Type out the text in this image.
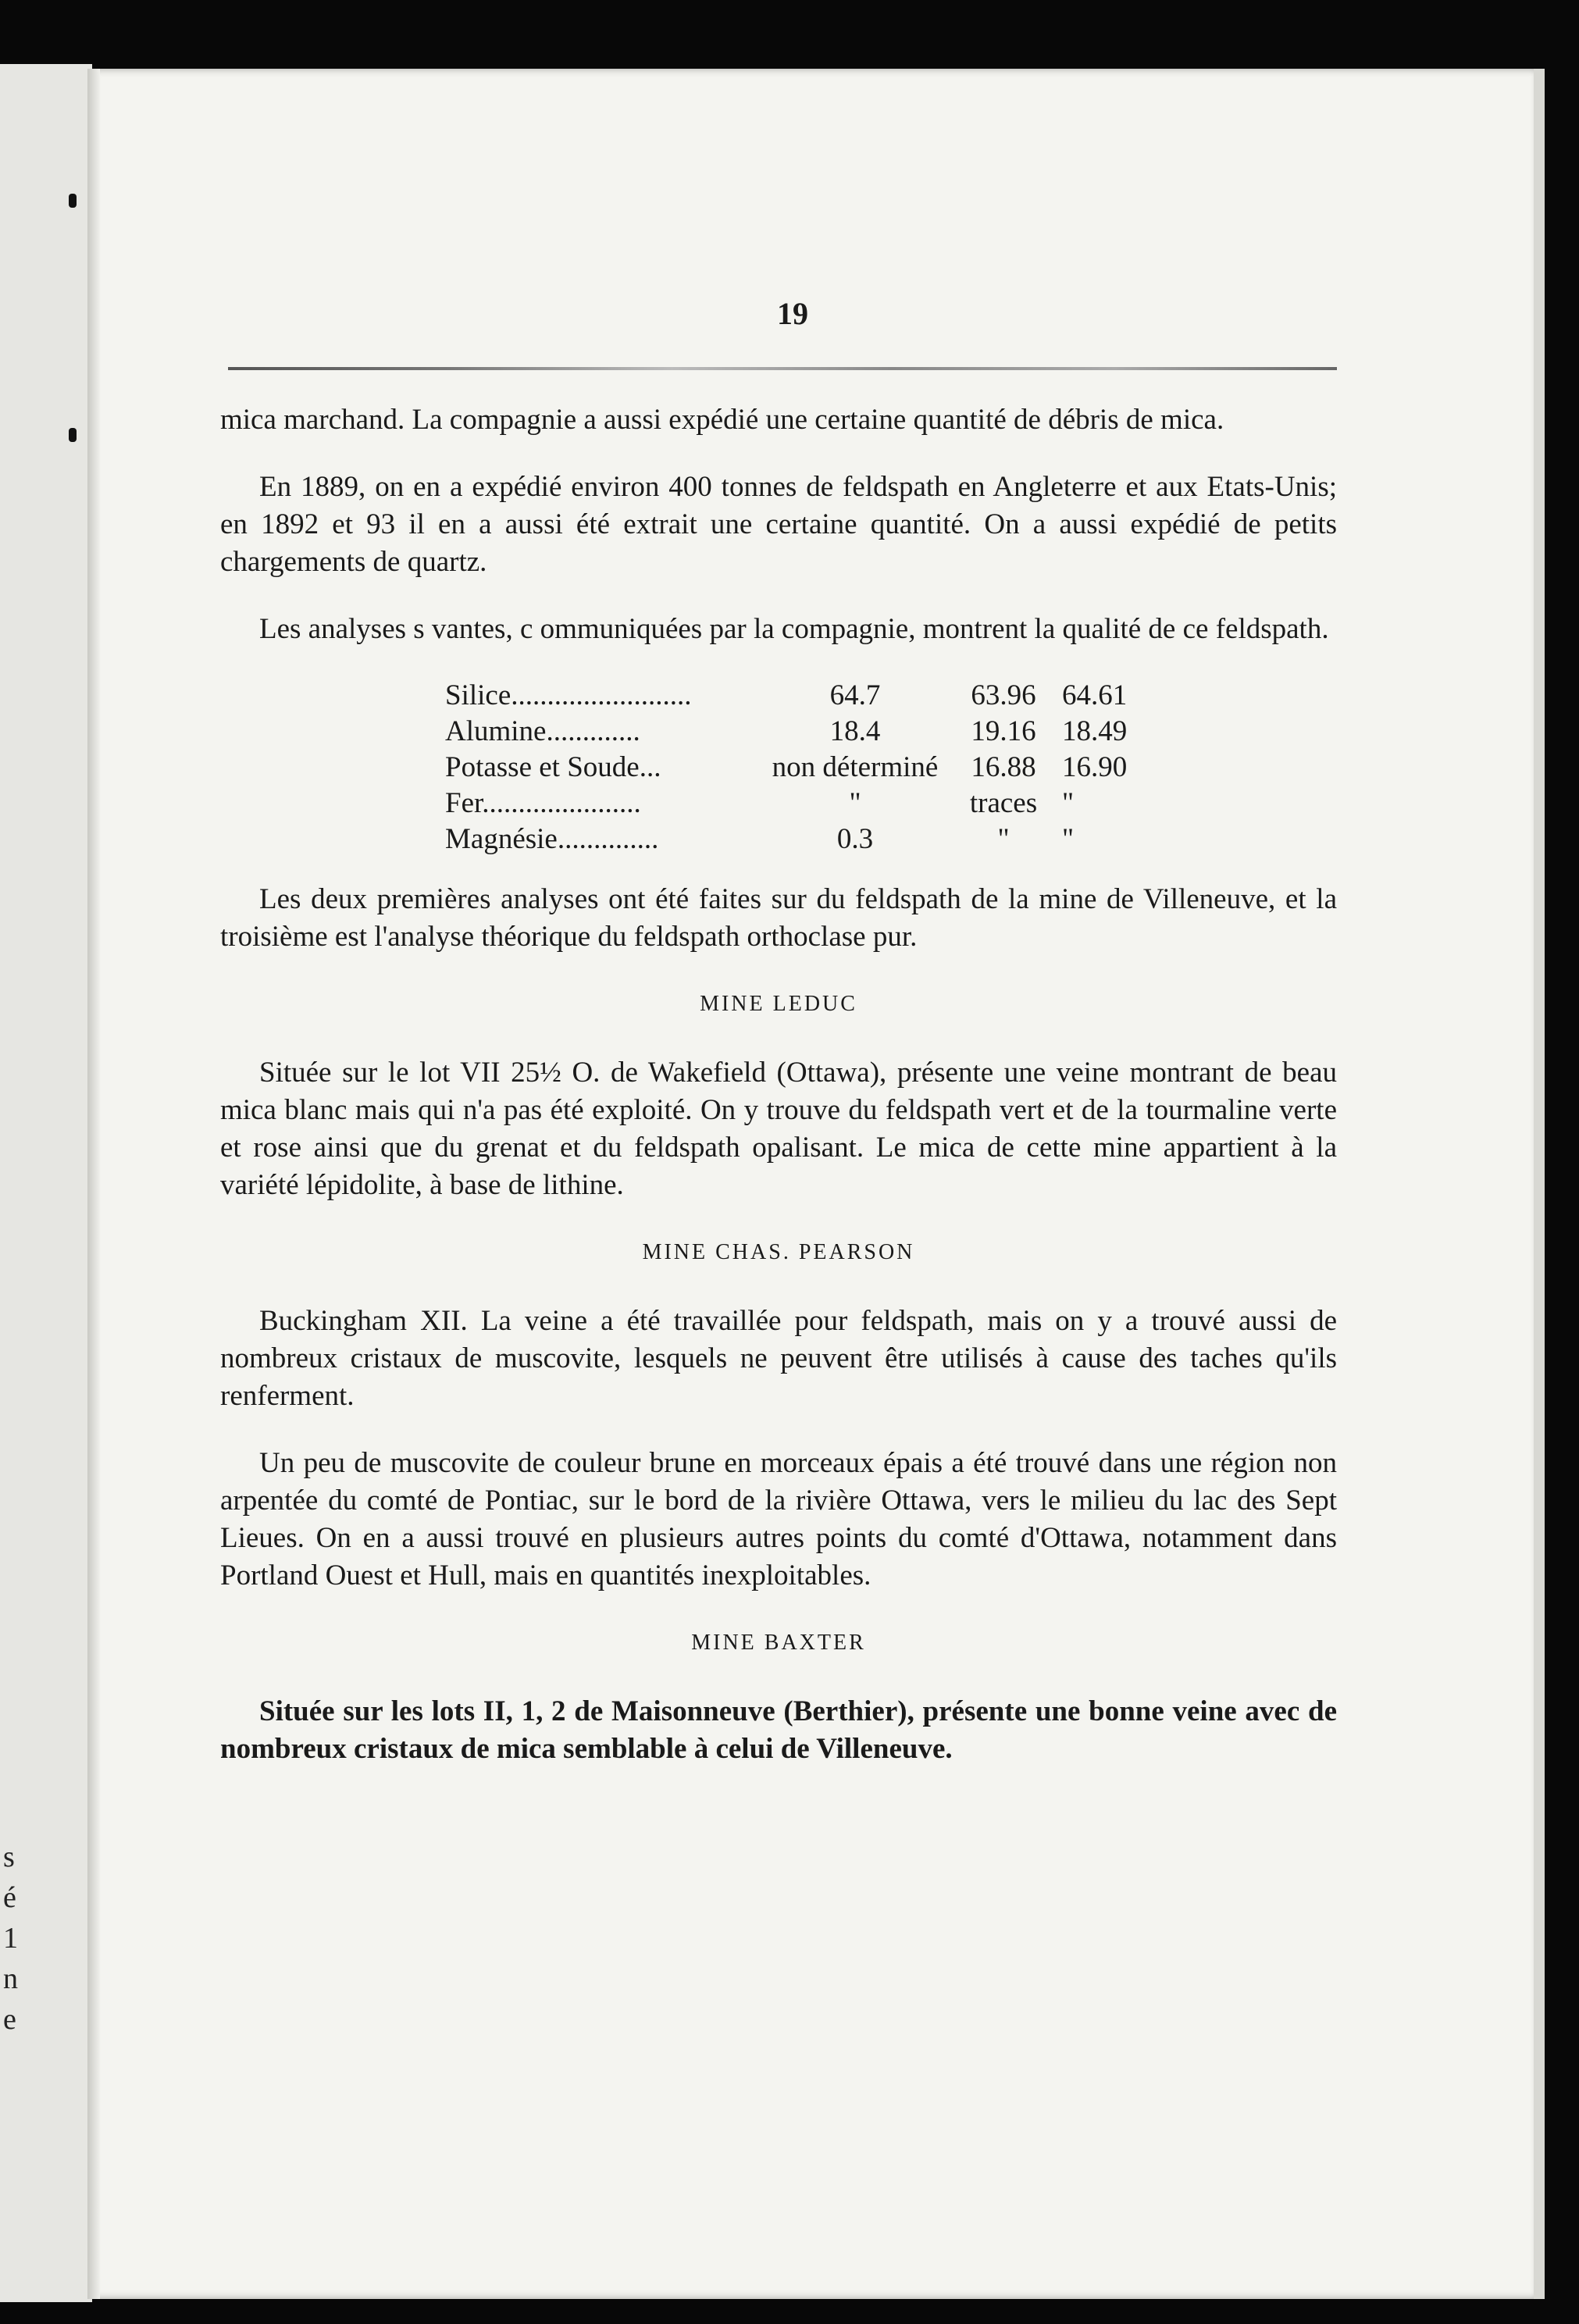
s
é
1
n
e
19

mica marchand. La compagnie a aussi expédié une certaine quantité de débris de mica.

En 1889, on en a expédié environ 400 tonnes de feldspath en Angleterre et aux Etats-Unis; en 1892 et 93 il en a aussi été extrait une certaine quantité. On a aussi expédié de petits chargements de quartz.

Les analyses s vantes, c ommuniquées par la compagnie, montrent la qualité de ce feldspath.

Silice.........................	64.7	63.96	64.61
Alumine.............	18.4	19.16	18.49
Potasse et Soude...	non déterminé	16.88	16.90
Fer......................	"	traces	"
Magnésie..............	0.3	"	"

Les deux premières analyses ont été faites sur du feldspath de la mine de Villeneuve, et la troisième est l'analyse théorique du feldspath orthoclase pur.

MINE LEDUC

Située sur le lot VII 25½ O. de Wakefield (Ottawa), présente une veine montrant de beau mica blanc mais qui n'a pas été exploité. On y trouve du feldspath vert et de la tourmaline verte et rose ainsi que du grenat et du feldspath opalisant. Le mica de cette mine appartient à la variété lépidolite, à base de lithine.

MINE CHAS. PEARSON

Buckingham XII. La veine a été travaillée pour feldspath, mais on y a trouvé aussi de nombreux cristaux de muscovite, lesquels ne peuvent être utilisés à cause des taches qu'ils renferment.

Un peu de muscovite de couleur brune en morceaux épais a été trouvé dans une région non arpentée du comté de Pontiac, sur le bord de la rivière Ottawa, vers le milieu du lac des Sept Lieues. On en a aussi trouvé en plusieurs autres points du comté d'Ottawa, notamment dans Portland Ouest et Hull, mais en quantités inexploitables.

MINE BAXTER

Située sur les lots II, 1, 2 de Maisonneuve (Berthier), présente une bonne veine avec de nombreux cristaux de mica semblable à celui de Villeneuve.
